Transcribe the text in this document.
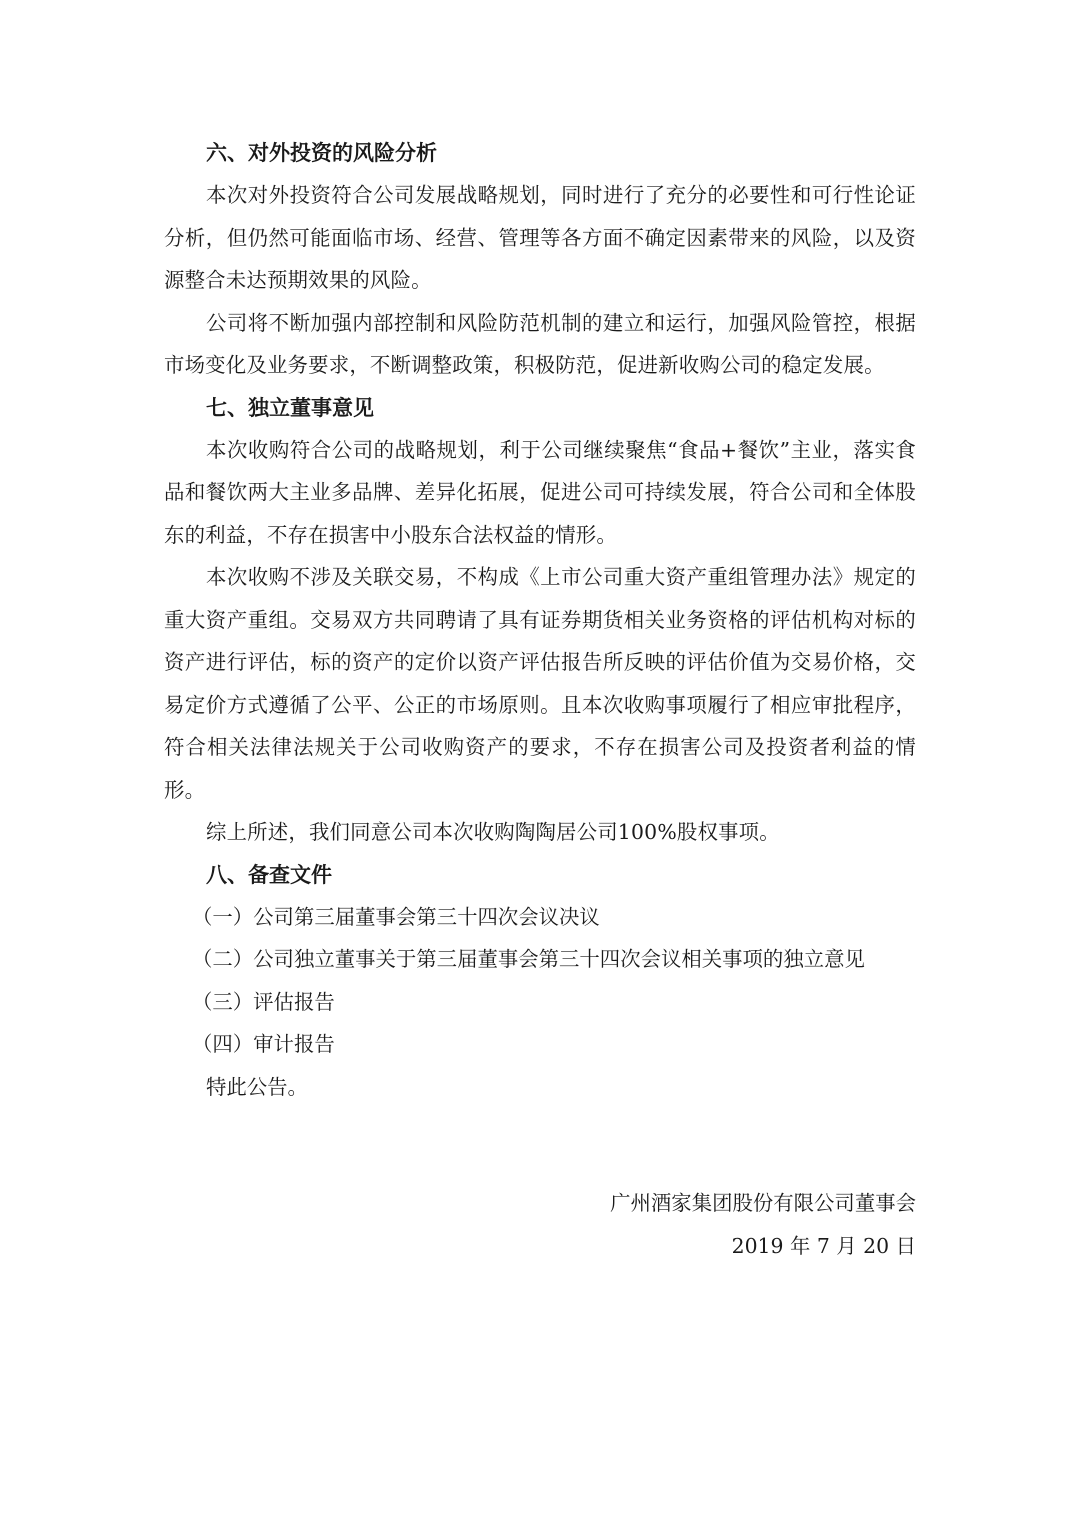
六、对外投资的风险分析

本次对外投资符合公司发展战略规划，同时进行了充分的必要性和可行性论证分析，但仍然可能面临市场、经营、管理等各方面不确定因素带来的风险，以及资源整合未达预期效果的风险。

公司将不断加强内部控制和风险防范机制的建立和运行，加强风险管控，根据市场变化及业务要求，不断调整政策，积极防范，促进新收购公司的稳定发展。

七、独立董事意见

本次收购符合公司的战略规划，利于公司继续聚焦“食品+餐饮”主业，落实食品和餐饮两大主业多品牌、差异化拓展，促进公司可持续发展，符合公司和全体股东的利益，不存在损害中小股东合法权益的情形。

本次收购不涉及关联交易，不构成《上市公司重大资产重组管理办法》规定的重大资产重组。交易双方共同聘请了具有证券期货相关业务资格的评估机构对标的资产进行评估，标的资产的定价以资产评估报告所反映的评估价值为交易价格，交易定价方式遵循了公平、公正的市场原则。且本次收购事项履行了相应审批程序，符合相关法律法规关于公司收购资产的要求，不存在损害公司及投资者利益的情形。

综上所述，我们同意公司本次收购陶陶居公司100%股权事项。

八、备查文件

（一）公司第三届董事会第三十四次会议决议

（二）公司独立董事关于第三届董事会第三十四次会议相关事项的独立意见

（三）评估报告

（四）审计报告

特此公告。

广州酒家集团股份有限公司董事会
2019 年 7 月 20 日
